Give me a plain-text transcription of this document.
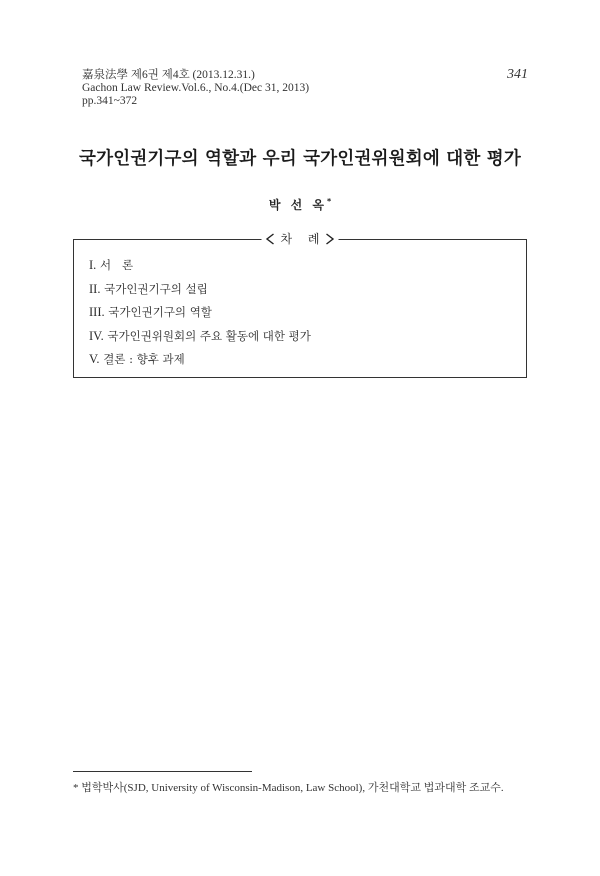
嘉泉法學 제6권 제4호 (2013.12.31.)
Gachon Law Review.Vol.6., No.4.(Dec 31, 2013)
pp.341~372
341
국가인권기구의 역할과 우리 국가인권위원회에 대한 평가
박 선 옥*
차 례
I. 서   론
II. 국가인권기구의 설립
III. 국가인권기구의 역할
IV. 국가인권위원회의 주요 활동에 대한 평가
V. 결론 : 향후 과제
* 법학박사(SJD, University of Wisconsin-Madison, Law School), 가천대학교 법과대학 조교수.
